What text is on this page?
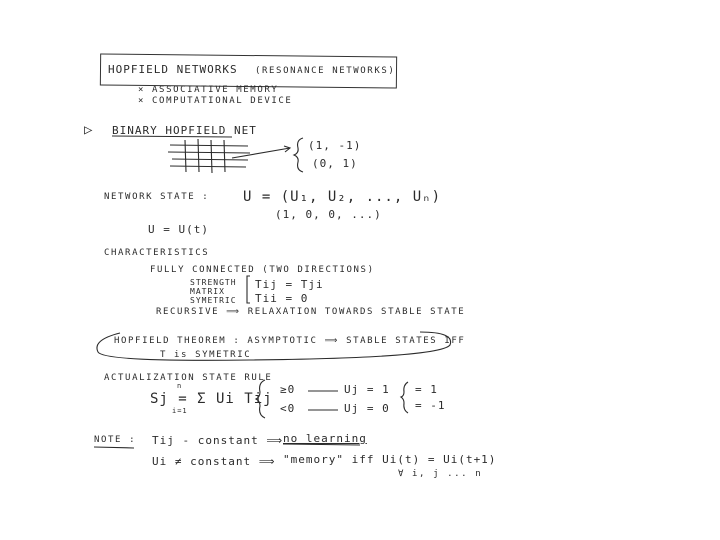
HOPFIELD NETWORKS (RESONANCE NETWORKS)
× ASSOCIATIVE MEMORY
× COMPUTATIONAL DEVICE
▷ BINARY HOPFIELD NET
(1, -1)
(0, 1)
NETWORK STATE : U = (U₁, U₂, ..., Uₙ)
(1, 0, 0, ...)
U = U(t)
CHARACTERISTICS
FULLY CONNECTED (TWO DIRECTIONS)
STRENGTH
MATRIX
SYMETRIC
Tij = Tji
Tii = 0
RECURSIVE ⟹ RELAXATION TOWARDS STABLE STATE
HOPFIELD THEOREM : ASYMPTOTIC ⟹ STABLE STATES IFF
T is SYMETRIC
ACTUALIZATION STATE RULE
n
Sj = Σ Ui Tij
i=1
≥0
<0
Uj = 1
Uj = 0
= 1
= -1
NOTE : Tij - constant ⟹ no learning
Ui ≠ constant ⟹ "memory" iff Ui(t) = Ui(t+1)
∀ i, j ... n
